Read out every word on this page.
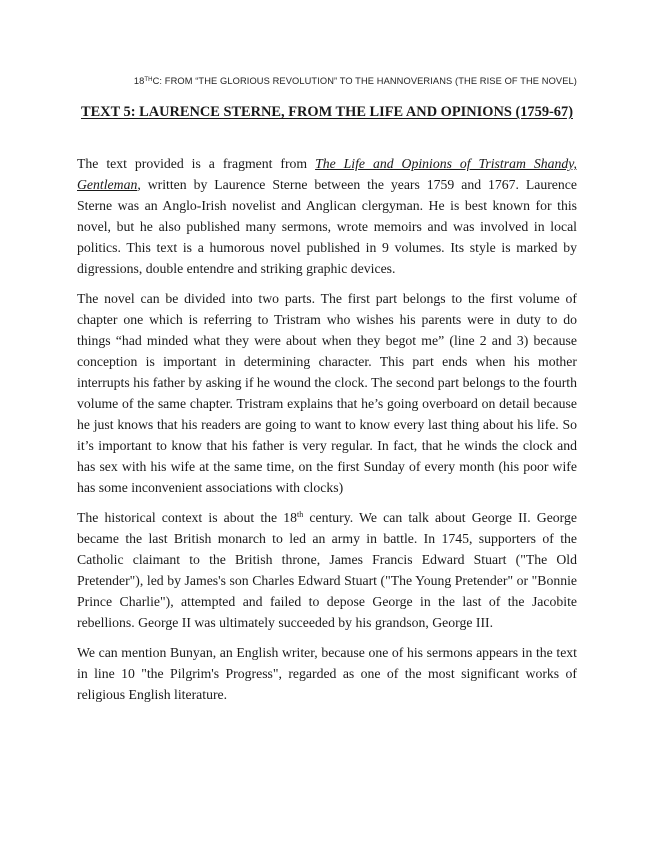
18THC: FROM “THE GLORIOUS REVOLUTION” TO THE HANNOVERIANS (THE RISE OF THE NOVEL)
TEXT 5: LAURENCE STERNE, FROM THE LIFE AND OPINIONS (1759-67)

The text provided is a fragment from The Life and Opinions of Tristram Shandy, Gentleman, written by Laurence Sterne between the years 1759 and 1767. Laurence Sterne was an Anglo-Irish novelist and Anglican clergyman. He is best known for this novel, but he also published many sermons, wrote memoirs and was involved in local politics. This text is a humorous novel published in 9 volumes. Its style is marked by digressions, double entendre and striking graphic devices.

The novel can be divided into two parts. The first part belongs to the first volume of chapter one which is referring to Tristram who wishes his parents were in duty to do things “had minded what they were about when they begot me” (line 2 and 3) because conception is important in determining character. This part ends when his mother interrupts his father by asking if he wound the clock. The second part belongs to the fourth volume of the same chapter. Tristram explains that he’s going overboard on detail because he just knows that his readers are going to want to know every last thing about his life. So it’s important to know that his father is very regular. In fact, that he winds the clock and has sex with his wife at the same time, on the first Sunday of every month (his poor wife has some inconvenient associations with clocks)

The historical context is about the 18th century. We can talk about George II. George became the last British monarch to led an army in battle. In 1745, supporters of the Catholic claimant to the British throne, James Francis Edward Stuart ("The Old Pretender"), led by James's son Charles Edward Stuart ("The Young Pretender" or "Bonnie Prince Charlie"), attempted and failed to depose George in the last of the Jacobite rebellions. George II was ultimately succeeded by his grandson, George III.

We can mention Bunyan, an English writer, because one of his sermons appears in the text in line 10 "the Pilgrim's Progress", regarded as one of the most significant works of religious English literature.
